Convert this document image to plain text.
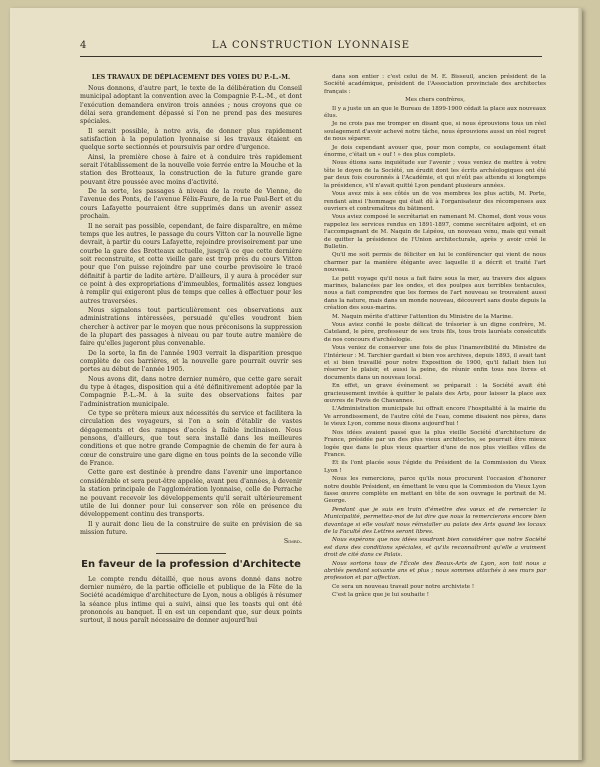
4	LA CONSTRUCTION LYONNAISE
LES TRAVAUX DE DÉPLACEMENT DES VOIES DU P.-L.-M.

Nous donnons, d'autre part, le texte de la délibération du Conseil municipal adoptant la convention avec la Compagnie P.-L.-M., et dont l'exécution demandera environ trois années ; nous croyons que ce délai sera grandement dépassé si l'on ne prend pas des mesures spéciales.

Il serait possible, à notre avis, de donner plus rapidement satisfaction à la population lyonnaise si les travaux étaient en quelque sorte sectionnés et poursuivis par ordre d'urgence.

Ainsi, la première chose à faire et à conduire très rapidement serait l'établissement de la nouvelle voie ferrée entre la Mouche et la station des Brotteaux, la construction de la future grande gare pouvant être poussée avec moins d'activité.

De la sorte, les passages à niveau de la route de Vienne, de l'avenue des Ponts, de l'avenue Félix-Faure, de la rue Paul-Bert et du cours Lafayette pourraient être supprimés dans un avenir assez prochain.

Il ne serait pas possible, cependant, de faire disparaître, en même temps que les autres, le passage du cours Vitton car la nouvelle ligne devrait, à partir du cours Lafayette, rejoindre provisoirement par une courbe la gare des Brotteaux actuelle, jusqu'à ce que cette dernière soit reconstruite, et cette vieille gare est trop près du cours Vitton pour que l'on puisse rejoindre par une courbe provisoire le tracé définitif à partir de ladite artère. D'ailleurs, il y aura à procéder sur ce point à des expropriations d'immeubles, formalités assez longues à remplir qui exigeront plus de temps que celles à effectuer pour les autres traversées.

Nous signalons tout particulièrement ces observations aux administrations intéressées, persuadé qu'elles voudront bien chercher à activer par le moyen que nous préconisons la suppression de la plupart des passages à niveau ou par toute autre manière de faire qu'elles jugeront plus convenable.

De la sorte, la fin de l'année 1903 verrait la disparition presque complète de ces barrières, et la nouvelle gare pourrait ouvrir ses portes au début de l'année 1905.

Nous avons dit, dans notre dernier numéro, que cette gare serait du type à étages, disposition qui a été définitivement adoptée par la Compagnie P.-L.-M. à la suite des observations faites par l'administration municipale.

Ce type se prêtera mieux aux nécessités du service et facilitera la circulation des voyageurs, si l'on a soin d'établir de vastes dégagements et des rampes d'accès à faible inclinaison. Nous pensons, d'ailleurs, que tout sera installé dans les meilleures conditions et que notre grande Compagnie de chemin de fer aura à cœur de construire une gare digne en tous points de la seconde ville de France.

Cette gare est destinée à prendre dans l'avenir une importance considérable et sera peut-être appelée, avant peu d'années, à devenir la station principale de l'agglomération lyonnaise, celle de Perrache ne pouvant recevoir les développements qu'il serait ultérieurement utile de lui donner pour lui conserver son rôle en présence du développement continu des transports.

Il y aurait donc lieu de la construire de suite en prévision de sa mission future.

Simrd.

En faveur de la profession d'Architecte

Le compte rendu détaillé, que nous avons donné dans notre dernier numéro, de la partie officielle et publique de la Fête de la Société académique d'architecture de Lyon, nous a obligés à résumer la séance plus intime qui a suivi, ainsi que les toasts qui ont été prononcés au banquet. Il en est un cependant que, sur deux points surtout, il nous paraît nécessaire de donner aujourd'hui

dans son entier : c'est celui de M. E. Bisseuil, ancien président de la Société académique, président de l'Association provinciale des architectes français :

Mes chers confrères,

Il y a juste un an que le Bureau de 1899-1900 cédait la place aux nouveaux élus.

Je ne crois pas me tromper en disant que, si nous éprouvions tous un réel soulagement d'avoir achevé notre tâche, nous éprouvions aussi un réel regret de nous séparer.

Je dois cependant avouer que, pour mon compte, ce soulagement était énorme, c'était un « ouf ! » des plus complets.

Nous étions sans inquiétude sur l'avenir ; vous veniez de mettre à votre tête le doyen de la Société, un érudit dont les écrits archéologiques ont été par deux fois couronnés à l'Académie, et qui n'eût pas attendu si longtemps la présidence, s'il n'avait quitté Lyon pendant plusieurs années.

Vous avez mis à ses côtés un de vos membres les plus actifs, M. Porte, rendant ainsi l'hommage qui était dû à l'organisateur des récompenses aux ouvriers et contremaîtres du bâtiment.

Vous aviez composé le secrétariat en ramenant M. Chomel, dont vous vous rappelez les services rendus en 1891-1897, comme secrétaire adjoint, et en l'accompagnant de M. Naquin de Lépéou, un nouveau venu, mais qui venait de quitter la présidence de l'Union architecturale, après y avoir créé le Bulletin.

Qu'il me soit permis de féliciter en lui le conférencier qui vient de nous charmer par la manière élégante avec laquelle il a décrit et traité l'art nouveau.

Le petit voyage qu'il nous a fait faire sous la mer, au travers des algues marines, balancées par les ondes, et des poulpes aux terribles tentacules, nous a fait comprendre que les formes de l'art nouveau se trouvaient aussi dans la nature, mais dans un monde nouveau, découvert sans doute depuis la création des sous-marins.

M. Naquin mérite d'attirer l'attention du Ministre de la Marine.

Vous aviez confié le poste délicat de trésorier à un digne confrère, M. Cateland, le père, professeur de ses trois fils, tous trois lauréats consécutifs de nos concours d'archéologie.

Vous veniez de conserver une fois de plus l'inamovibilité du Ministre de l'Intérieur : M. Tarchier gardait si bien vos archives, depuis 1893, il avait tant et si bien travaillé pour notre Exposition de 1900, qu'il fallait bien lui réserver le plaisir, et aussi la peine, de réunir enfin tous nos livres et documents dans un nouveau local.

En effet, un grave événement se préparait : la Société avait été gracieusement invitée à quitter le palais des Arts, pour laisser la place aux œuvres de Puvis de Chavannes.

L'Administration municipale lui offrait encore l'hospitalité à la mairie du Ve arrondissement, de l'autre côté de l'eau, comme disaient nos pères, dans le vieux Lyon, comme nous disons aujourd'hui !

Nos idées avaient passé que la plus vieille Société d'architecture de France, présidée par un des plus vieux architectes, se pourrait être mieux logée que dans le plus vieux quartier d'une de nos plus vieilles villes de France.

Et ils l'ont placée sous l'égide du Président de la Commission du Vieux Lyon !

Nous les remercions, parce qu'ils nous procurent l'occasion d'honorer notre double Président, en émettant le vœu que la Commission du Vieux Lyon fasse œuvre complète en mettant en tête de son ouvrage le portrait de M. George.

Pendant que je suis en train d'émettre des vœux et de remercier la Municipalité, permettez-moi de lui dire que nous la remercierons encore bien davantage si elle voulait nous réinstaller au palais des Arts quand les locaux de la Faculté des Lettres seront libres.

Nous espérons que nos idées voudront bien considérer que notre Société est dans des conditions spéciales, et qu'ils reconnaîtront qu'elle a vraiment droit de cité dans ce Palais.

Nous sortons tous de l'École des Beaux-Arts de Lyon, son toit nous a abrités pendant soixante ans et plus ; nous sommes attachés à ses murs par profession et par affection.

Ce sera un nouveau travail pour notre archiviste !

C'est la grâce que je lui souhaite !
